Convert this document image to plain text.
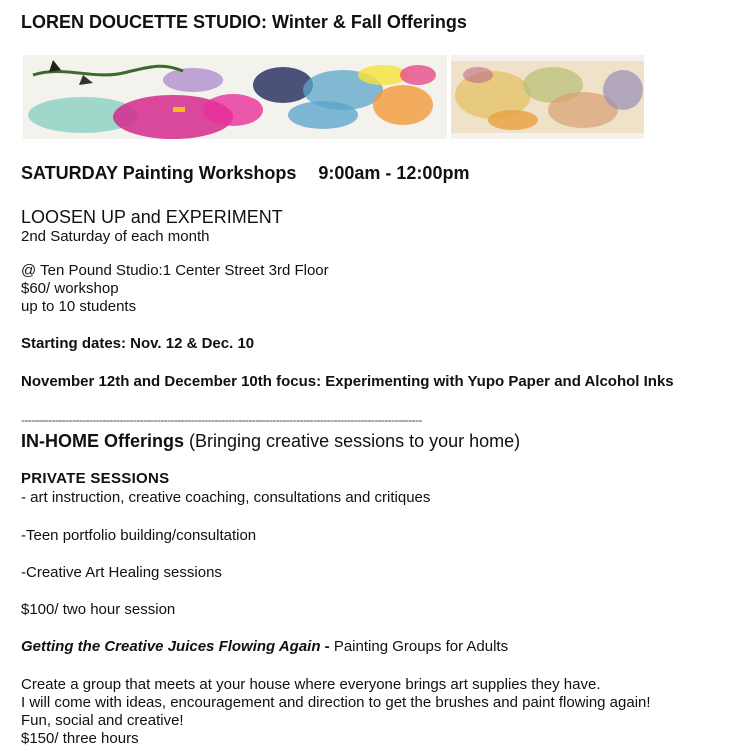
LOREN DOUCETTE STUDIO: Winter & Fall Offerings
SATURDAY Painting Workshops 9:00am - 12:00pm
LOOSEN UP and EXPERIMENT
2nd Saturday of each month
@ Ten Pound Studio:1 Center Street 3rd Floor
$60/ workshop
up to 10 students
Starting dates: Nov. 12 & Dec. 10
November 12th and December 10th focus: Experimenting with Yupo Paper and Alcohol Inks
----------------------------------------------------------------------------------------------------------------------
IN-HOME Offerings (Bringing creative sessions to your home)
PRIVATE SESSIONS
- art instruction, creative coaching, consultations and critiques
-Teen portfolio building/consultation
-Creative Art Healing sessions
$100/ two hour session
Getting the Creative Juices Flowing Again - Painting Groups for Adults
Create a group that meets at your house where everyone brings art supplies they have.
I will come with ideas, encouragement and direction to get the brushes and paint flowing again!
Fun, social and creative!
$150/ three hours
